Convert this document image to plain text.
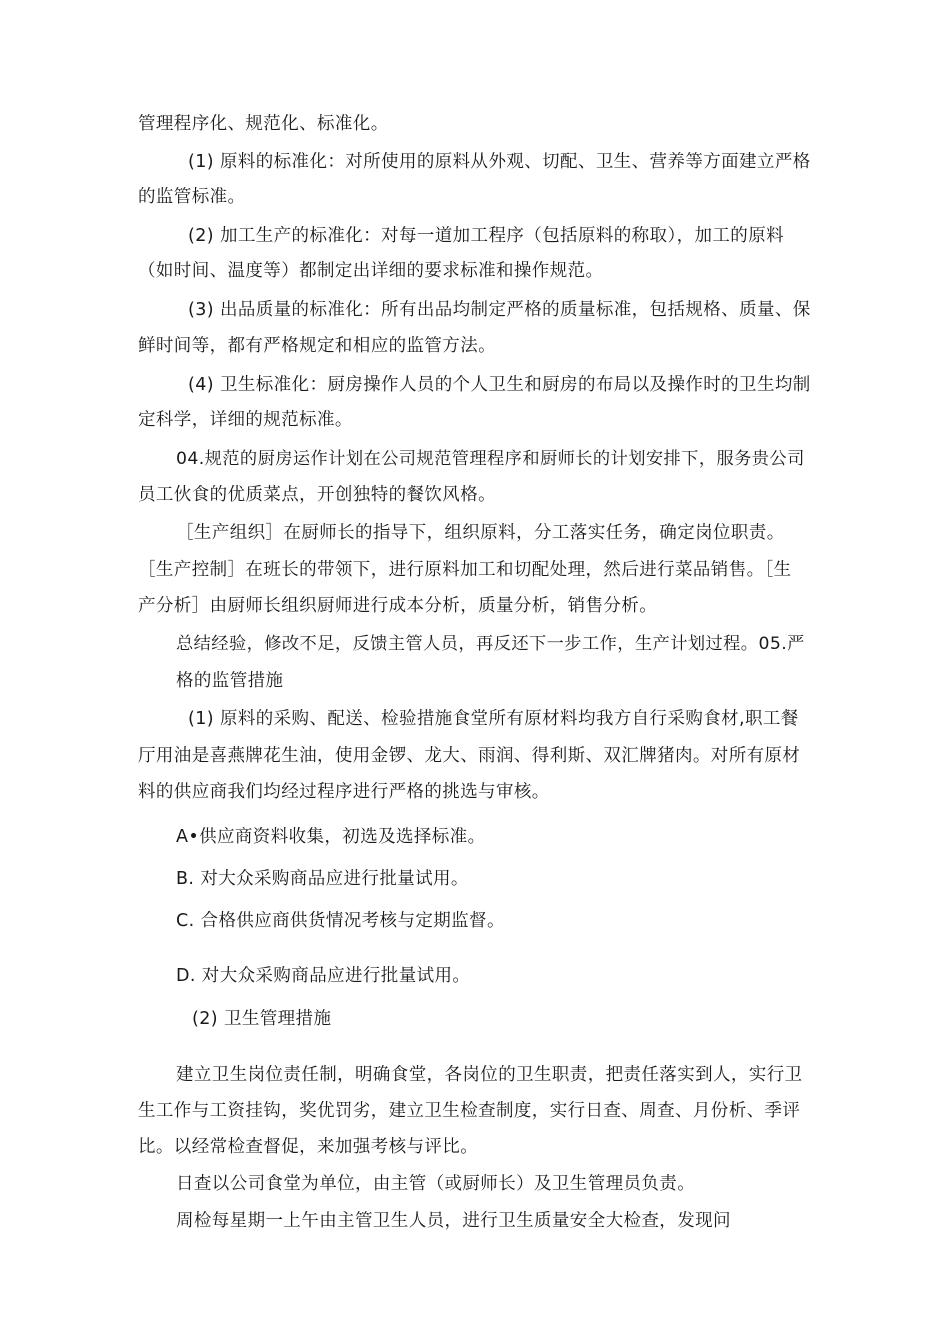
管理程序化、规范化、标准化。
(1) 原料的标准化：对所使用的原料从外观、切配、卫生、营养等方面建立严格
的监管标准。
(2) 加工生产的标准化：对每一道加工程序（包括原料的称取），加工的原料
（如时间、温度等）都制定出详细的要求标准和操作规范。
(3) 出品质量的标准化：所有出品均制定严格的质量标准，包括规格、质量、保
鲜时间等，都有严格规定和相应的监管方法。
(4) 卫生标准化：厨房操作人员的个人卫生和厨房的布局以及操作时的卫生均制
定科学，详细的规范标准。
04.规范的厨房运作计划在公司规范管理程序和厨师长的计划安排下，服务贵公司
员工伙食的优质菜点，开创独特的餐饮风格。
［生产组织］在厨师长的指导下，组织原料，分工落实任务，确定岗位职责。
［生产控制］在班长的带领下，进行原料加工和切配处理，然后进行菜品销售。［生
产分析］由厨师长组织厨师进行成本分析，质量分析，销售分析。
总结经验，修改不足，反馈主管人员，再反还下一步工作，生产计划过程。05.严
格的监管措施
(1) 原料的采购、配送、检验措施食堂所有原材料均我方自行采购食材,职工餐
厅用油是喜燕牌花生油，使用金锣、龙大、雨润、得利斯、双汇牌猪肉。对所有原材
料的供应商我们均经过程序进行严格的挑选与审核。
A•供应商资料收集，初选及选择标准。
B. 对大众采购商品应进行批量试用。
C. 合格供应商供货情况考核与定期监督。
D. 对大众采购商品应进行批量试用。
(2) 卫生管理措施
建立卫生岗位责任制，明确食堂，各岗位的卫生职责，把责任落实到人，实行卫
生工作与工资挂钩，奖优罚劣，建立卫生检查制度，实行日查、周查、月份析、季评
比。以经常检查督促，来加强考核与评比。
日查以公司食堂为单位，由主管（或厨师长）及卫生管理员负责。
周检每星期一上午由主管卫生人员，进行卫生质量安全大检查，发现问
